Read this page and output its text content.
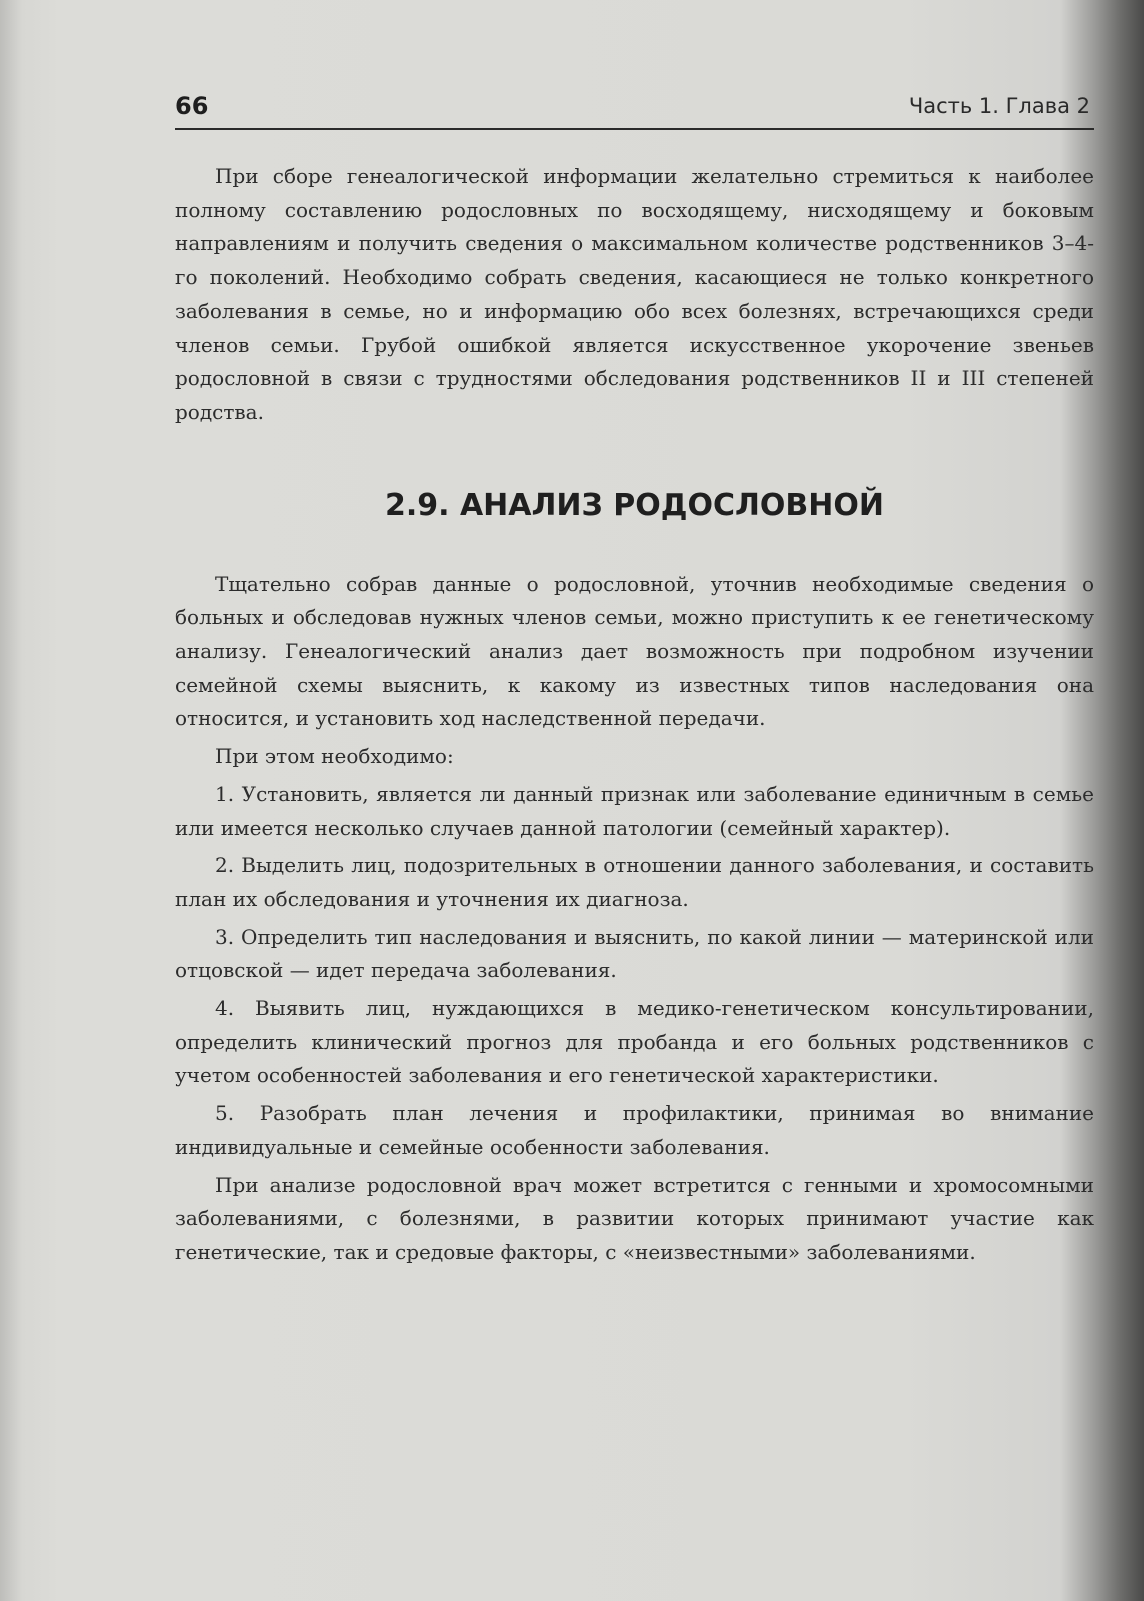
66	Часть 1. Глава 2

При сборе генеалогической информации желательно стремиться к наиболее полному составлению родословных по восходящему, нисходящему и боковым направлениям и получить сведения о максимальном количестве родственников 3–4-го поколений. Необходимо собрать сведения, касающиеся не только конкретного заболевания в семье, но и информацию обо всех болезнях, встречающихся среди членов семьи. Грубой ошибкой является искусственное укорочение звеньев родословной в связи с трудностями обследования родственников II и III степеней родства.

2.9. АНАЛИЗ РОДОСЛОВНОЙ

Тщательно собрав данные о родословной, уточнив необходимые сведения о больных и обследовав нужных членов семьи, можно приступить к ее генетическому анализу. Генеалогический анализ дает возможность при подробном изучении семейной схемы выяснить, к какому из известных типов наследования она относится, и установить ход наследственной передачи.

При этом необходимо:

1. Установить, является ли данный признак или заболевание единичным в семье или имеется несколько случаев данной патологии (семейный характер).

2. Выделить лиц, подозрительных в отношении данного заболевания, и составить план их обследования и уточнения их диагноза.

3. Определить тип наследования и выяснить, по какой линии — материнской или отцовской — идет передача заболевания.

4. Выявить лиц, нуждающихся в медико-генетическом консультировании, определить клинический прогноз для пробанда и его больных родственников с учетом особенностей заболевания и его генетической характеристики.

5. Разобрать план лечения и профилактики, принимая во внимание индивидуальные и семейные особенности заболевания.

При анализе родословной врач может встретится с генными и хромосомными заболеваниями, с болезнями, в развитии которых принимают участие как генетические, так и средовые факторы, с «неизвестными» заболеваниями.
